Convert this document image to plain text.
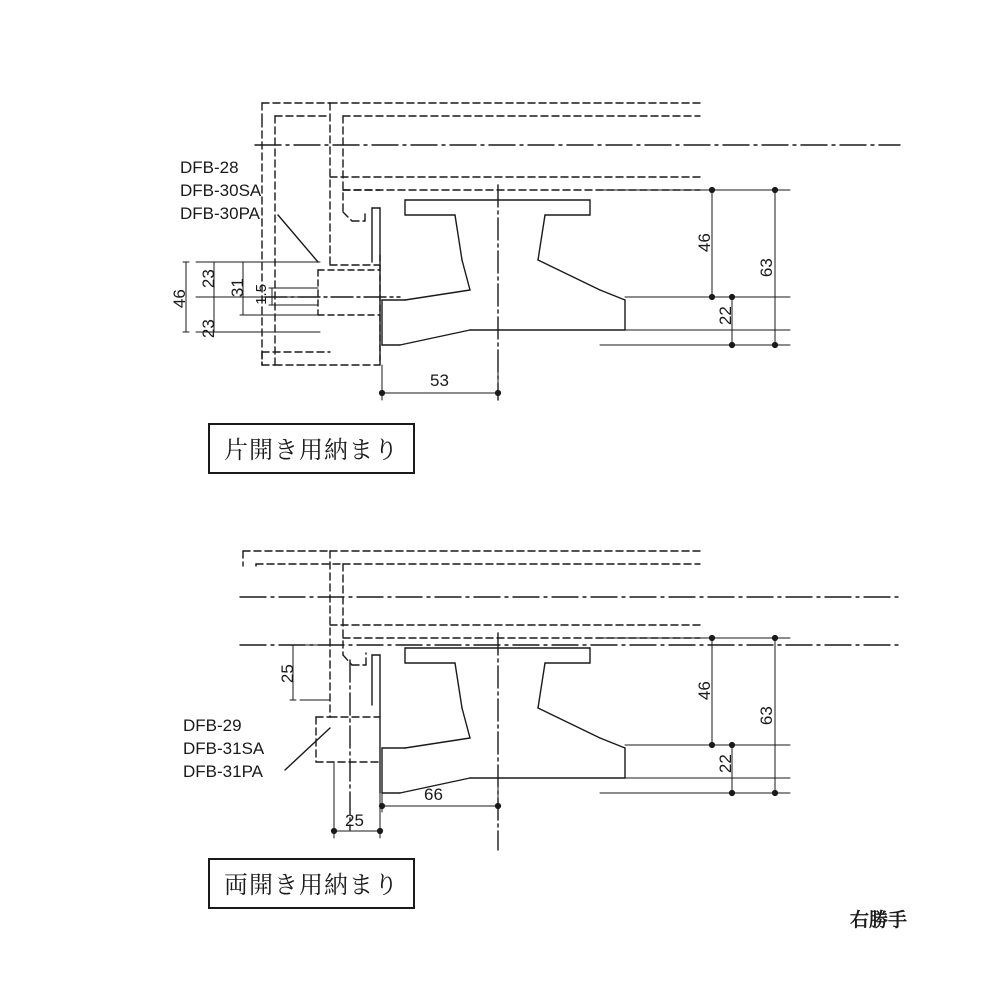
DFB-28
DFB-30SA
DFB-30PA
46
23
23
31 1.5
53
46
22
63
片開き用納まり
DFB-29
DFB-31SA
DFB-31PA
25
66
25
46
22
63
両開き用納まり
右勝手
